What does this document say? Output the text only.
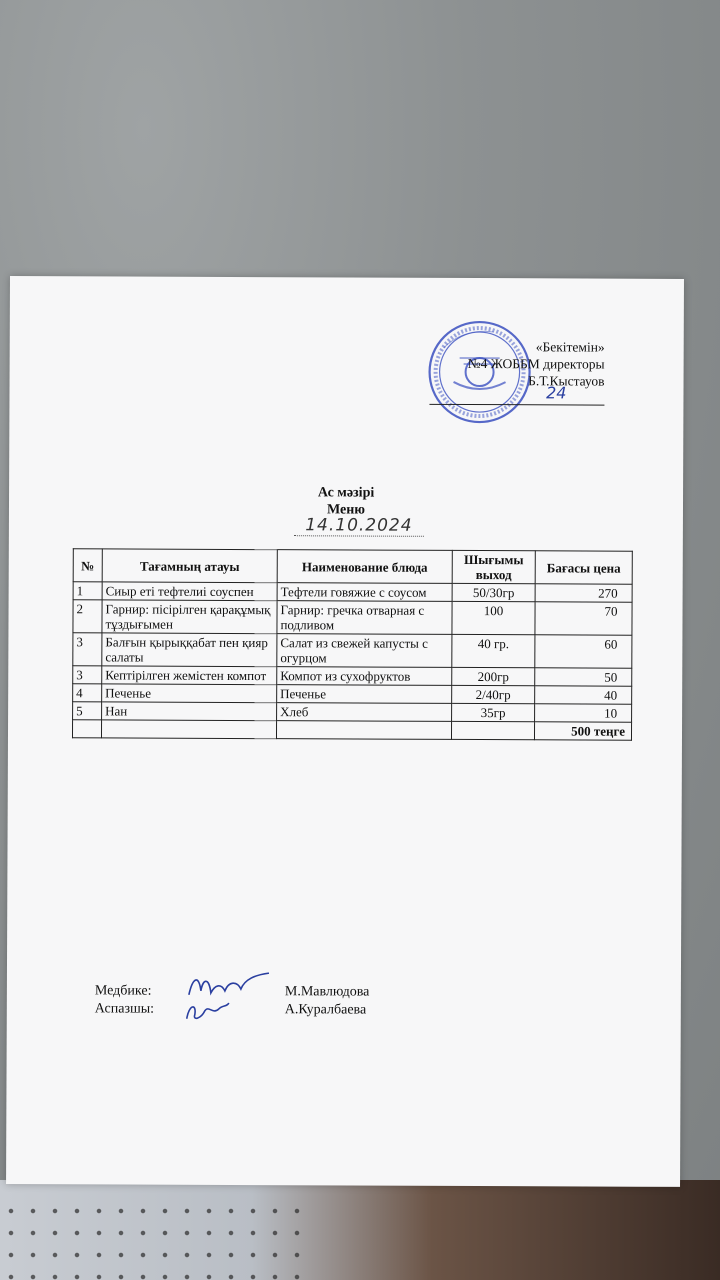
«Бекітемін»
№4 ЖОББМ директоры
Б.Т.Кыстауов
24
Ас мәзірі
Меню
14.10.2024
№	Тағамның атауы	Наименование блюда	Шығымы выход	Бағасы цена
1	Сиыр еті тефтелиі соуспен	Тефтели говяжие с соусом	50/30гр	270
2	Гарнир: пісірілген қарақұмық тұздығымен	Гарнир: гречка отварная с подливом	100	70
3	Балғын қырыққабат пен қияр салаты	Салат из свежей капусты с огурцом	40 гр.	60
3	Кептірілген жемістен компот	Компот из сухофруктов	200гр	50
4	Печенье	Печенье	2/40гр	40
5	Нан	Хлеб	35гр	10
				500 теңге
Медбике:
Аспазшы:
М.Мавлюдова
А.Куралбаева
